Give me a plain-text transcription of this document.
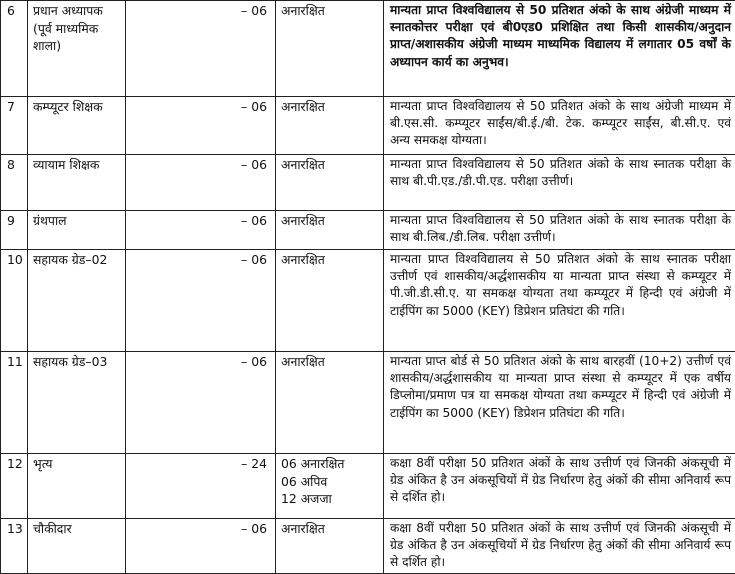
6	प्रधान अध्यापक (पूर्व माध्यमिक शाला)	– 06	अनारक्षित	मान्यता प्राप्त विश्वविद्यालय से 50 प्रतिशत अंको के साथ अंग्रेजी माध्यम में स्नातकोत्तर परीक्षा एवं बी0एड0 प्रशिक्षित तथा किसी शासकीय/अनुदान प्राप्त/अशासकीय अंग्रेजी माध्यम माध्यमिक विद्यालय में लगातार 05 वर्षों के अध्यापन कार्य का अनुभव।
7	कम्प्यूटर शिक्षक	– 06	अनारक्षित	मान्यता प्राप्त विश्वविद्यालय से 50 प्रतिशत अंको के साथ अंग्रेजी माध्यम में बी.एस.सी. कम्प्यूटर साईंस/बी.ई./बी. टेक. कम्प्यूटर साईंस, बी.सी.ए. एवं अन्य समकक्ष योग्यता।
8	व्यायाम शिक्षक	– 06	अनारक्षित	मान्यता प्राप्त विश्वविद्यालय से 50 प्रतिशत अंको के साथ स्नातक परीक्षा के साथ बी.पी.एड./डी.पी.एड. परीक्षा उत्तीर्ण।
9	ग्रंथपाल	– 06	अनारक्षित	मान्यता प्राप्त विश्वविद्यालय से 50 प्रतिशत अंको के साथ स्नातक परीक्षा के साथ बी.लिब./डी.लिब. परीक्षा उत्तीर्ण।
10	सहायक ग्रेड–02	– 06	अनारक्षित	मान्यता प्राप्त विश्वविद्यालय से 50 प्रतिशत अंको के साथ स्नातक परीक्षा उत्तीर्ण एवं शासकीय/अर्द्धशासकीय या मान्यता प्राप्त संस्था से कम्प्यूटर में पी.जी.डी.सी.ए. या समकक्ष योग्यता तथा कम्प्यूटर में हिन्दी एवं अंग्रेजी में टाईपिंग का 5000 (KEY) डिप्रेशन प्रतिघंटा की गति।
11	सहायक ग्रेड–03	– 06	अनारक्षित	मान्यता प्राप्त बोर्ड से 50 प्रतिशत अंको के साथ बारहवीं (10+2) उत्तीर्ण एवं शासकीय/अर्द्धशासकीय या मान्यता प्राप्त संस्था से कम्प्यूटर में एक वर्षीय डिप्लोमा/प्रमाण पत्र या समकक्ष योग्यता तथा कम्प्यूटर में हिन्दी एवं अंग्रेजी में टाईपिंग का 5000 (KEY) डिप्रेशन प्रतिघंटा की गति।
12	भृत्य	– 24	06 अनारक्षित
06 अपिव
12 अजजा	कक्षा 8वीं परीक्षा 50 प्रतिशत अंकों के साथ उत्तीर्ण एवं जिनकी अंकसूची में ग्रेड अंकित है उन अंकसूचियों में ग्रेड निर्धारण हेतु अंकों की सीमा अनिवार्य रूप से दर्शित हो।
13	चौकीदार	– 06	अनारक्षित	कक्षा 8वीं परीक्षा 50 प्रतिशत अंकों के साथ उत्तीर्ण एवं जिनकी अंकसूची में ग्रेड अंकित है उन अंकसूचियों में ग्रेड निर्धारण हेतु अंकों की सीमा अनिवार्य रूप से दर्शित हो।
